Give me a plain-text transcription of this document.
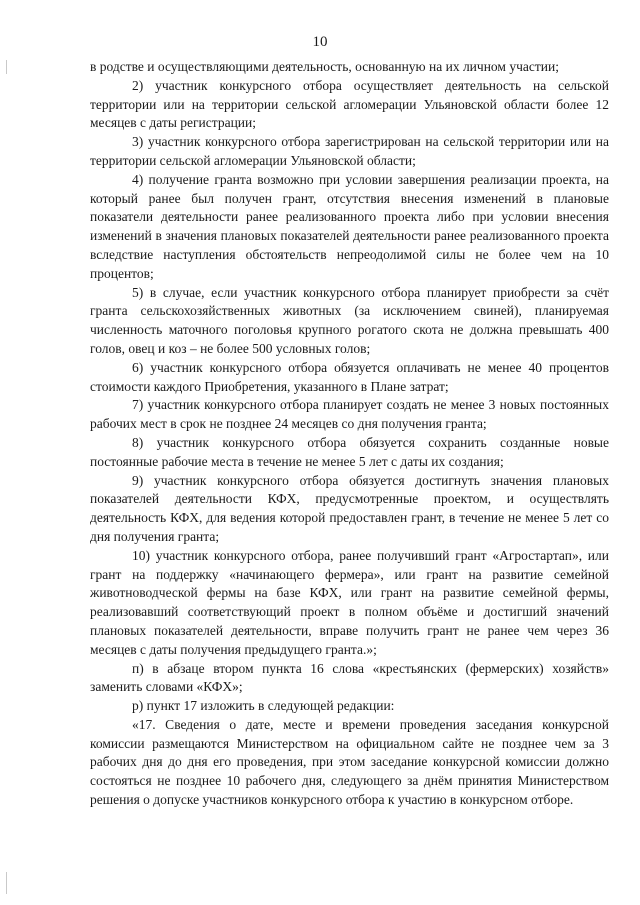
10

в родстве и осуществляющими деятельность, основанную на их личном участии;

2) участник конкурсного отбора осуществляет деятельность на сельской территории или на территории сельской агломерации Ульяновской области более 12 месяцев с даты регистрации;

3) участник конкурсного отбора зарегистрирован на сельской территории или на территории сельской агломерации Ульяновской области;

4) получение гранта возможно при условии завершения реализации проекта, на который ранее был получен грант, отсутствия внесения изменений в плановые показатели деятельности ранее реализованного проекта либо при условии внесения изменений в значения плановых показателей деятельности ранее реализованного проекта вследствие наступления обстоятельств непреодолимой силы не более чем на 10 процентов;

5) в случае, если участник конкурсного отбора планирует приобрести за счёт гранта сельскохозяйственных животных (за исключением свиней), планируемая численность маточного поголовья крупного рогатого скота не должна превышать 400 голов, овец и коз – не более 500 условных голов;

6) участник конкурсного отбора обязуется оплачивать не менее 40 процентов стоимости каждого Приобретения, указанного в Плане затрат;

7) участник конкурсного отбора планирует создать не менее 3 новых постоянных рабочих мест в срок не позднее 24 месяцев со дня получения гранта;

8) участник конкурсного отбора обязуется сохранить созданные новые постоянные рабочие места в течение не менее 5 лет с даты их создания;

9) участник конкурсного отбора обязуется достигнуть значения плановых показателей деятельности КФХ, предусмотренные проектом, и осуществлять деятельность КФХ, для ведения которой предоставлен грант, в течение не менее 5 лет со дня получения гранта;

10) участник конкурсного отбора, ранее получивший грант «Агростартап», или грант на поддержку «начинающего фермера», или грант на развитие семейной животноводческой фермы на базе КФХ, или грант на развитие семейной фермы, реализовавший соответствующий проект в полном объёме и достигший значений плановых показателей деятельности, вправе получить грант не ранее чем через 36 месяцев с даты получения предыдущего гранта.»;

п) в абзаце втором пункта 16 слова «крестьянских (фермерских) хозяйств» заменить словами «КФХ»;

р) пункт 17 изложить в следующей редакции:

«17. Сведения о дате, месте и времени проведения заседания конкурсной комиссии размещаются Министерством на официальном сайте не позднее чем за 3 рабочих дня до дня его проведения, при этом заседание конкурсной комиссии должно состояться не позднее 10 рабочего дня, следующего за днём принятия Министерством решения о допуске участников конкурсного отбора к участию в конкурсном отборе.
